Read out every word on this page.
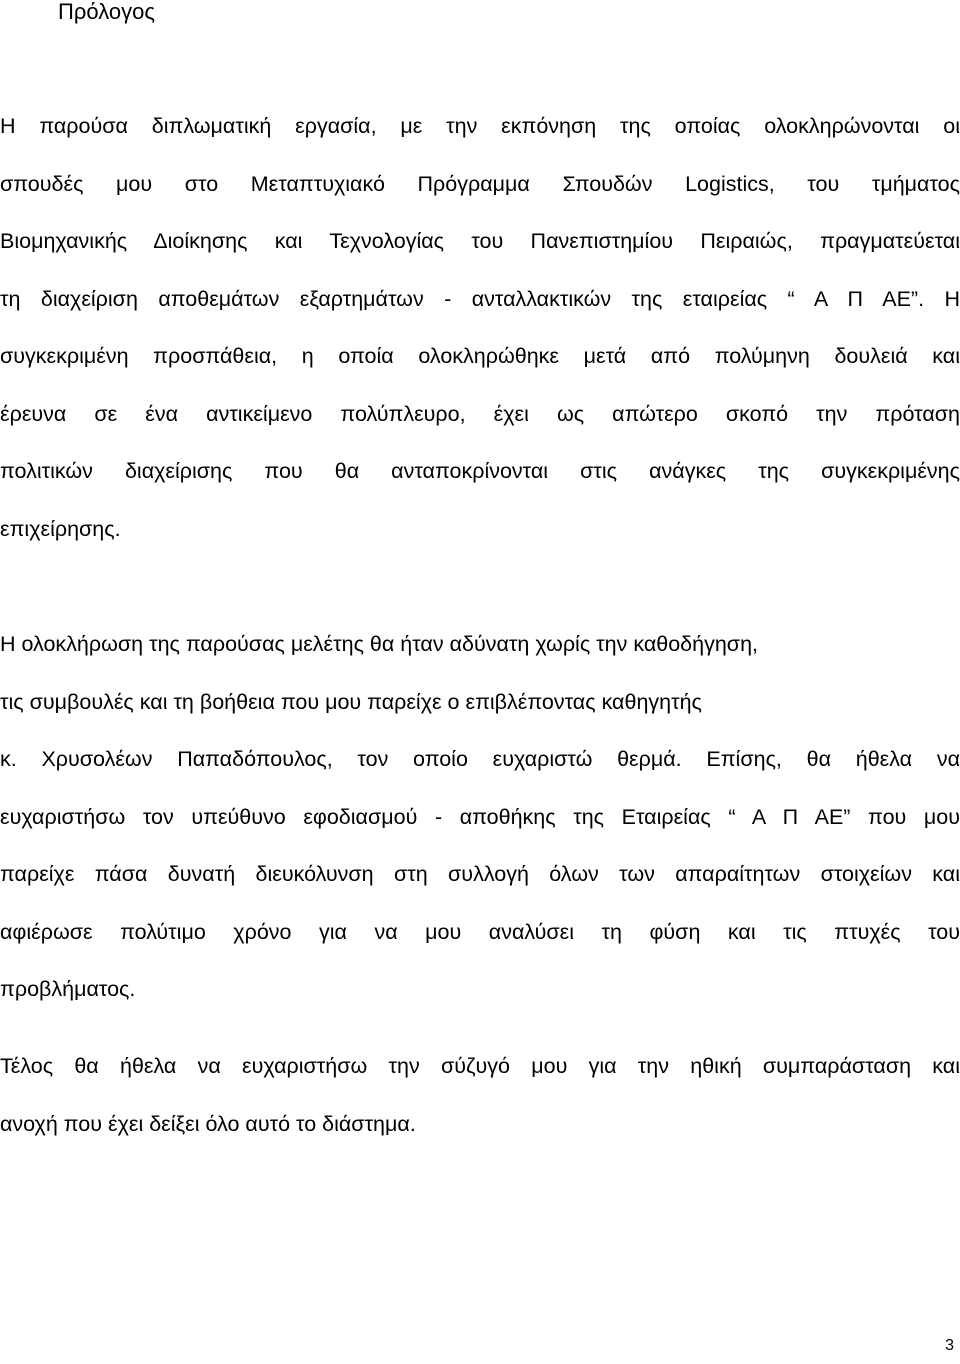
Πρόλογος
Η παρούσα διπλωματική εργασία, με την εκπόνηση της οποίας ολοκληρώνονται οι
σπουδές μου στο Μεταπτυχιακό Πρόγραμμα Σπουδών Logistics, του τμήματος
Βιομηχανικής Διοίκησης και Τεχνολογίας του Πανεπιστημίου Πειραιώς, πραγματεύεται
τη διαχείριση αποθεμάτων εξαρτημάτων - ανταλλακτικών της εταιρείας “ Α Π ΑΕ”. Η
συγκεκριμένη προσπάθεια, η οποία ολοκληρώθηκε μετά από πολύμηνη δουλειά και
έρευνα σε ένα αντικείμενο πολύπλευρο, έχει ως απώτερο σκοπό την πρόταση
πολιτικών διαχείρισης που θα ανταποκρίνονται στις ανάγκες της συγκεκριμένης
επιχείρησης.
Η ολοκλήρωση της παρούσας μελέτης θα ήταν αδύνατη χωρίς την καθοδήγηση,
τις συμβουλές και τη βοήθεια που μου παρείχε ο επιβλέποντας καθηγητής
κ. Χρυσολέων Παπαδόπουλος, τον οποίο ευχαριστώ θερμά. Επίσης, θα ήθελα να
ευχαριστήσω τον υπεύθυνο εφοδιασμού - αποθήκης της Εταιρείας “ Α Π ΑΕ” που μου
παρείχε πάσα δυνατή διευκόλυνση στη συλλογή όλων των απαραίτητων στοιχείων και
αφιέρωσε πολύτιμο χρόνο για να μου αναλύσει τη φύση και τις πτυχές του
προβλήματος.
Τέλος θα ήθελα να ευχαριστήσω την σύζυγό μου για την ηθική συμπαράσταση και
ανοχή που έχει δείξει όλο αυτό το διάστημα.

3
